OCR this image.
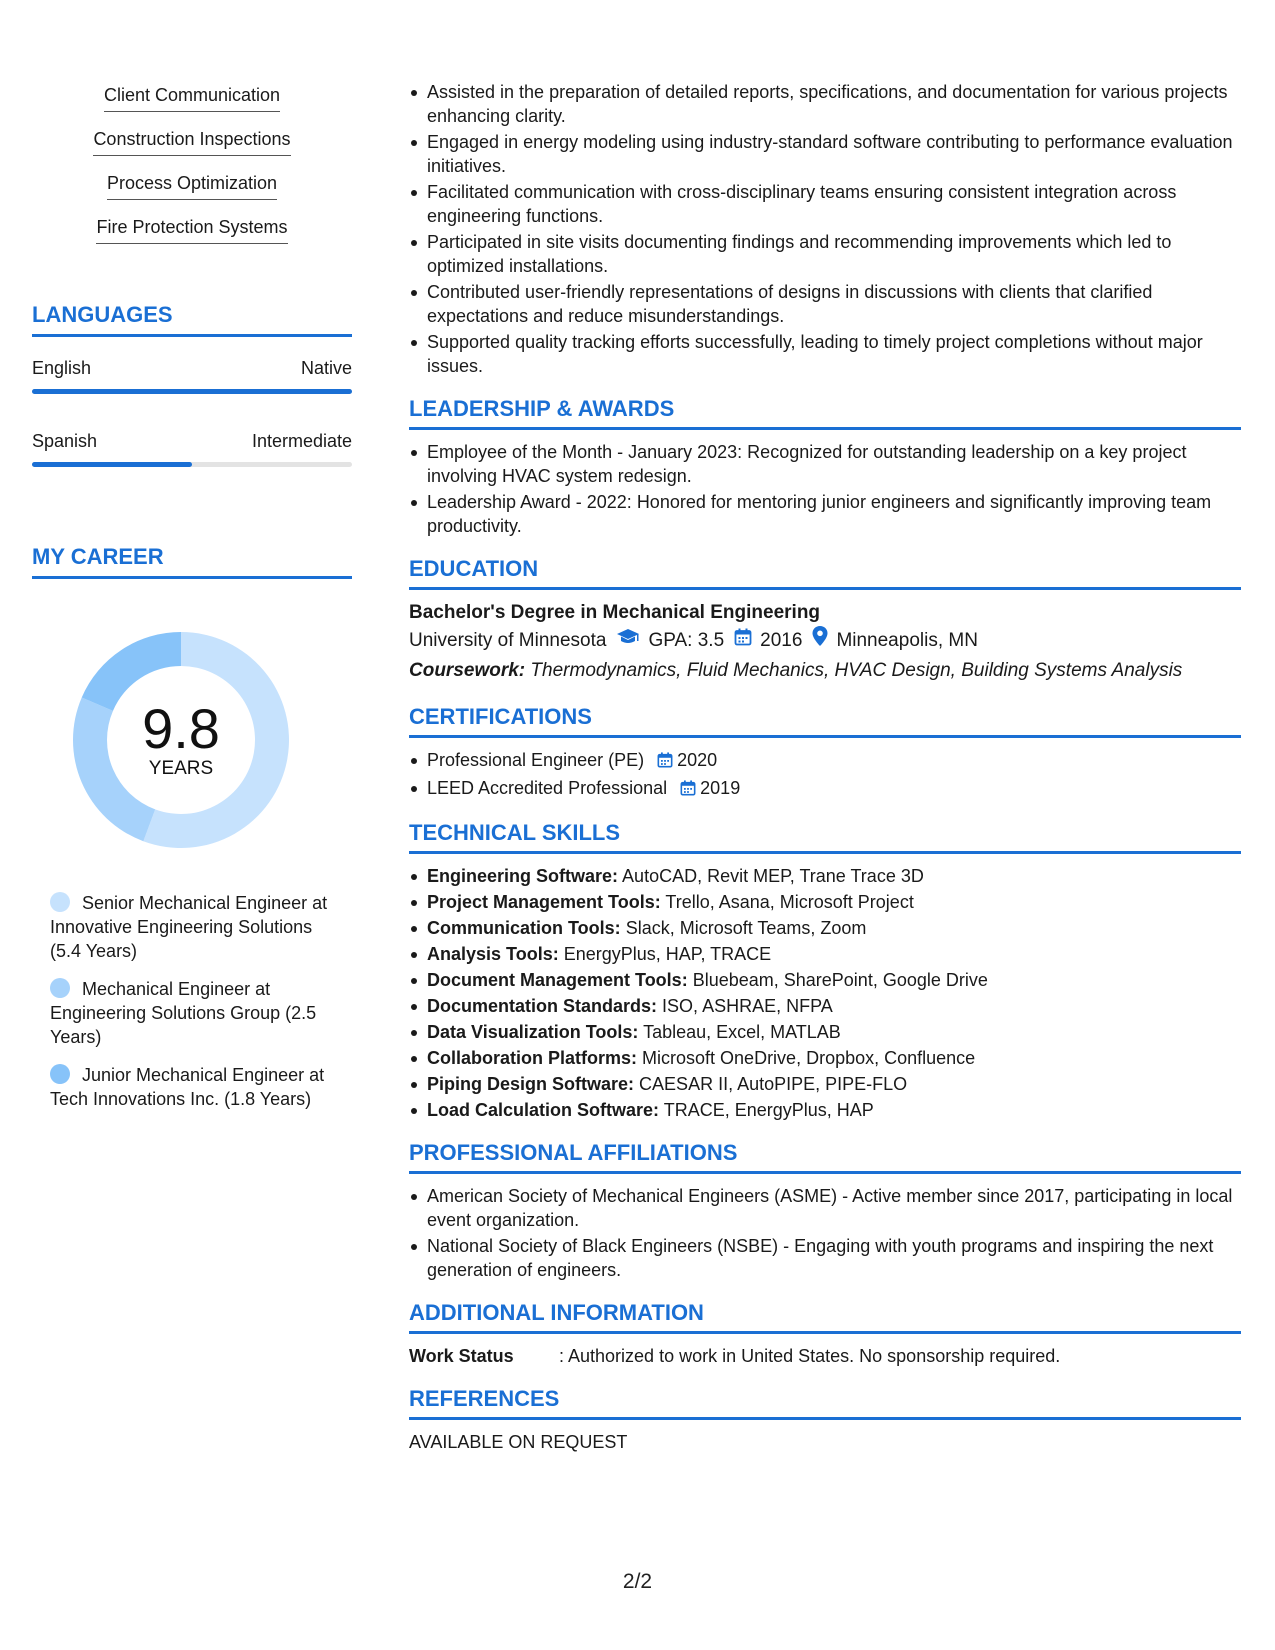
Client Communication
Construction Inspections
Process Optimization
Fire Protection Systems
LANGUAGES
English	Native
Spanish	Intermediate
MY CAREER
9.8
YEARS
Senior Mechanical Engineer at Innovative Engineering Solutions (5.4 Years)
Mechanical Engineer at Engineering Solutions Group (2.5 Years)
Junior Mechanical Engineer at Tech Innovations Inc. (1.8 Years)
Assisted in the preparation of detailed reports, specifications, and documentation for various projects enhancing clarity.
Engaged in energy modeling using industry-standard software contributing to performance evaluation initiatives.
Facilitated communication with cross-disciplinary teams ensuring consistent integration across engineering functions.
Participated in site visits documenting findings and recommending improvements which led to optimized installations.
Contributed user-friendly representations of designs in discussions with clients that clarified expectations and reduce misunderstandings.
Supported quality tracking efforts successfully, leading to timely project completions without major issues.
LEADERSHIP & AWARDS
Employee of the Month - January 2023: Recognized for outstanding leadership on a key project involving HVAC system redesign.
Leadership Award - 2022: Honored for mentoring junior engineers and significantly improving team productivity.
EDUCATION
Bachelor's Degree in Mechanical Engineering
University of Minnesota GPA: 3.5 2016 Minneapolis, MN
Coursework: Thermodynamics, Fluid Mechanics, HVAC Design, Building Systems Analysis
CERTIFICATIONS
Professional Engineer (PE) 2020
LEED Accredited Professional 2019
TECHNICAL SKILLS
Engineering Software: AutoCAD, Revit MEP, Trane Trace 3D
Project Management Tools: Trello, Asana, Microsoft Project
Communication Tools: Slack, Microsoft Teams, Zoom
Analysis Tools: EnergyPlus, HAP, TRACE
Document Management Tools: Bluebeam, SharePoint, Google Drive
Documentation Standards: ISO, ASHRAE, NFPA
Data Visualization Tools: Tableau, Excel, MATLAB
Collaboration Platforms: Microsoft OneDrive, Dropbox, Confluence
Piping Design Software: CAESAR II, AutoPIPE, PIPE-FLO
Load Calculation Software: TRACE, EnergyPlus, HAP
PROFESSIONAL AFFILIATIONS
American Society of Mechanical Engineers (ASME) - Active member since 2017, participating in local event organization.
National Society of Black Engineers (NSBE) - Engaging with youth programs and inspiring the next generation of engineers.
ADDITIONAL INFORMATION
Work Status	: Authorized to work in United States. No sponsorship required.
REFERENCES
AVAILABLE ON REQUEST
2/2
